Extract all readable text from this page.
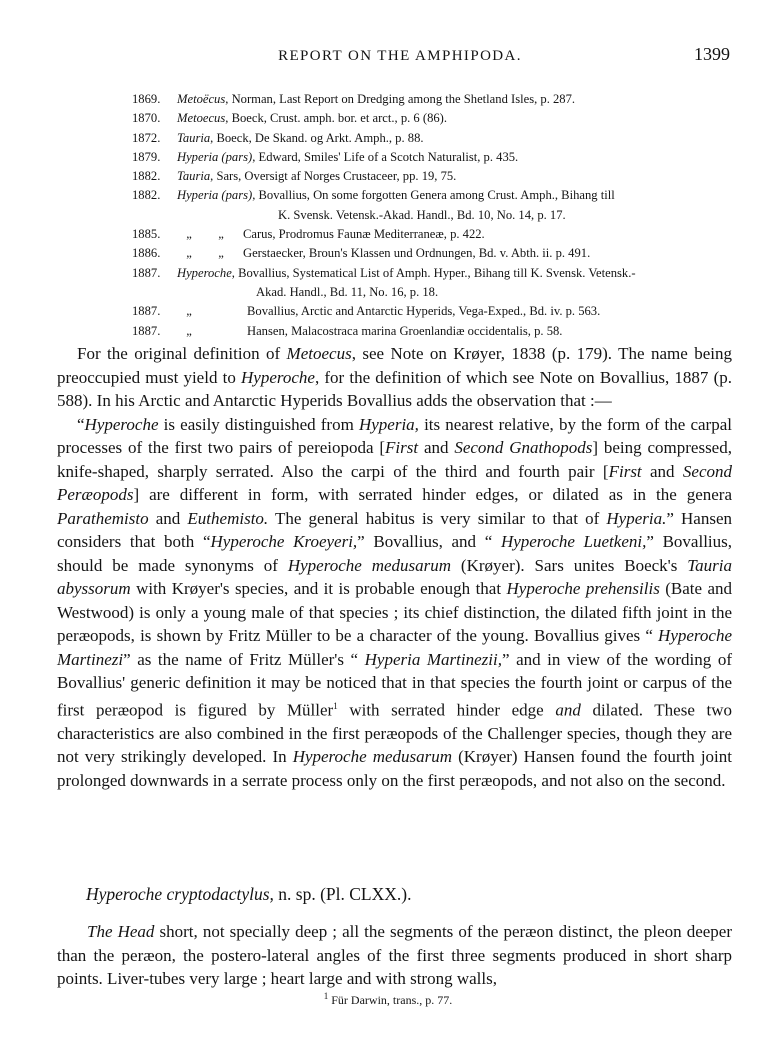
REPORT ON THE AMPHIPODA.	1399
1869. Metoëcus, Norman, Last Report on Dredging among the Shetland Isles, p. 287.
1870. Metoecus, Boeck, Crust. amph. bor. et arct., p. 6 (86).
1872. Tauria, Boeck, De Skand. og Arkt. Amph., p. 88.
1879. Hyperia (pars), Edward, Smiles' Life of a Scotch Naturalist, p. 435.
1882. Tauria, Sars, Oversigt af Norges Crustaceer, pp. 19, 75.
1882. Hyperia (pars), Bovallius, On some forgotten Genera among Crust. Amph., Bihang till
K. Svensk. Vetensk.-Akad. Handl., Bd. 10, No. 14, p. 17.
1885. „ „ Carus, Prodromus Faunæ Mediterraneæ, p. 422.
1886. „ „ Gerstaecker, Broun's Klassen und Ordnungen, Bd. v. Abth. ii. p. 491.
1887. Hyperoche, Bovallius, Systematical List of Amph. Hyper., Bihang till K. Svensk. Vetensk.-
Akad. Handl., Bd. 11, No. 16, p. 18.
1887. „	Bovallius, Arctic and Antarctic Hyperids, Vega-Exped., Bd. iv. p. 563.
1887. „	Hansen, Malacostraca marina Groenlandiæ occidentalis, p. 58.

For the original definition of Metoecus, see Note on Krøyer, 1838 (p. 179). The name being preoccupied must yield to Hyperoche, for the definition of which see Note on Bovallius, 1887 (p. 588). In his Arctic and Antarctic Hyperids Bovallius adds the observation that :—

“Hyperoche is easily distinguished from Hyperia, its nearest relative, by the form of the carpal processes of the first two pairs of pereiopoda [First and Second Gnathopods] being compressed, knife-shaped, sharply serrated. Also the carpi of the third and fourth pair [First and Second Peræopods] are different in form, with serrated hinder edges, or dilated as in the genera Parathemisto and Euthemisto. The general habitus is very similar to that of Hyperia.” Hansen considers that both “Hyperoche Kroeyeri,” Bovallius, and “ Hyperoche Luetkeni,” Bovallius, should be made synonyms of Hyperoche medusarum (Krøyer). Sars unites Boeck's Tauria abyssorum with Krøyer's species, and it is probable enough that Hyperoche prehensilis (Bate and Westwood) is only a young male of that species ; its chief distinction, the dilated fifth joint in the peræopods, is shown by Fritz Müller to be a character of the young. Bovallius gives “ Hyperoche Martinezi” as the name of Fritz Müller's “ Hyperia Martinezii,” and in view of the wording of Bovallius' generic definition it may be noticed that in that species the fourth joint or carpus of the first peræopod is figured by Müller$^1$ with serrated hinder edge and dilated. These two characteristics are also combined in the first peræopods of the Challenger species, though they are not very strikingly developed. In Hyperoche medusarum (Krøyer) Hansen found the fourth joint prolonged downwards in a serrate process only on the first peræopods, and not also on the second.

Hyperoche cryptodactylus, n. sp. (Pl. CLXX.).

The Head short, not specially deep ; all the segments of the peræon distinct, the pleon deeper than the peræon, the postero-lateral angles of the first three segments produced in short sharp points. Liver-tubes very large ; heart large and with strong walls,

$^1$ Für Darwin, trans., p. 77.
